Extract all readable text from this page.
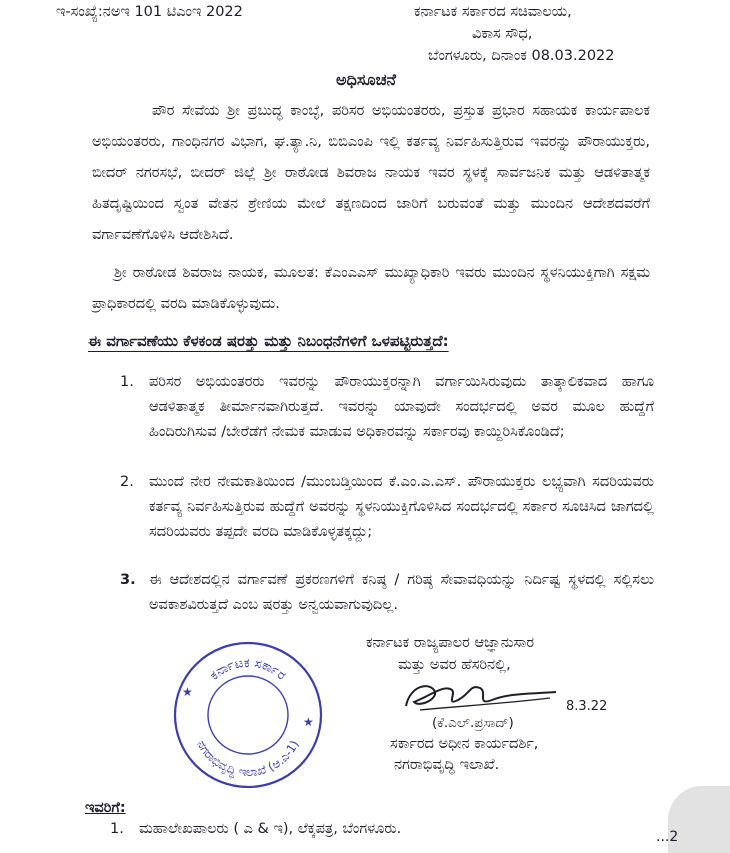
ಇ-ಸಂಖ್ಯೆ:ನಅಇ 101 ಟಿಎಂಇ 2022	ಕರ್ನಾಟಕ ಸರ್ಕಾರದ ಸಚಿವಾಲಯ,
ವಿಕಾಸ ಸೌಧ,
ಬೆಂಗಳೂರು, ದಿನಾಂಕ 08.03.2022
ಅಧಿಸೂಚನೆ
ಪೌರ ಸೇವೆಯ ಶ್ರೀ ಪ್ರಬುದ್ಧ ಕಾಂಬ್ಳೆ, ಪರಿಸರ ಅಭಿಯಂತರರು, ಪ್ರಸ್ತುತ ಪ್ರಭಾರ ಸಹಾಯಕ ಕಾರ್ಯಪಾಲಕ ಅಭಿಯಂತರರು, ಗಾಂಧಿನಗರ ವಿಭಾಗ, ಘ.ತ್ಯಾ.ನಿ, ಬಿಬಿಎಂಪಿ ಇಲ್ಲಿ ಕರ್ತವ್ಯ ನಿರ್ವಹಿಸುತ್ತಿರುವ ಇವರನ್ನು ಪೌರಾಯುಕ್ತರು, ಬೀದರ್ ನಗರಸಭೆ, ಬೀದರ್ ಜಿಲ್ಲೆ ಶ್ರೀ ರಾಠೋಡ ಶಿವರಾಜ ನಾಯಕ ಇವರ ಸ್ಥಳಕ್ಕೆ ಸಾರ್ವಜನಿಕ ಮತ್ತು ಆಡಳಿತಾತ್ಮಕ ಹಿತದೃಷ್ಟಿಯಿಂದ ಸ್ವಂತ ವೇತನ ಶ್ರೇಣಿಯ ಮೇಲೆ ತಕ್ಷಣದಿಂದ ಜಾರಿಗೆ ಬರುವಂತೆ ಮತ್ತು ಮುಂದಿನ ಆದೇಶದವರೆಗೆ ವರ್ಗಾವಣೆಗೊಳಿಸಿ ಆದೇಶಿಸಿದೆ.
ಶ್ರೀ ರಾಠೋಡ ಶಿವರಾಜ ನಾಯಕ, ಮೂಲತ: ಕೆಎಂಎಎಸ್ ಮುಖ್ಯಾಧಿಕಾರಿ ಇವರು ಮುಂದಿನ ಸ್ಥಳನಿಯುಕ್ತಿಗಾಗಿ ಸಕ್ಷಮ ಪ್ರಾಧಿಕಾರದಲ್ಲಿ ವರದಿ ಮಾಡಿಕೊಳ್ಳುವುದು.
ಈ ವರ್ಗಾವಣೆಯು ಕೆಳಕಂಡ ಷರತ್ತು ಮತ್ತು ನಿಬಂಧನೆಗಳಿಗೆ ಒಳಪಟ್ಟಿರುತ್ತದೆ:
1. ಪರಿಸರ ಅಭಿಯಂತರರು ಇವರನ್ನು ಪೌರಾಯುಕ್ತರನ್ನಾಗಿ ವರ್ಗಾಯಿಸಿರುವುದು ತಾತ್ಕಾಲಿಕವಾದ ಹಾಗೂ ಆಡಳಿತಾತ್ಮಕ ತೀರ್ಮಾನವಾಗಿರುತ್ತದೆ. ಇವರನ್ನು ಯಾವುದೇ ಸಂದರ್ಭದಲ್ಲಿ ಅವರ ಮೂಲ ಹುದ್ದೆಗೆ ಹಿಂದಿರುಗಿಸುವ /ಬೇರೆಡೆಗೆ ನೇಮಕ ಮಾಡುವ ಅಧಿಕಾರವನ್ನು ಸರ್ಕಾರವು ಕಾಯ್ದಿರಿಸಿಕೊಂಡಿದೆ;
2. ಮುಂದೆ ನೇರ ನೇಮಕಾತಿಯಿಂದ /ಮುಂಬಡ್ತಿಯಿಂದ ಕೆ.ಎಂ.ಎ.ಎಸ್. ಪೌರಾಯುಕ್ತರು ಲಭ್ಯವಾಗಿ ಸದರಿಯವರು ಕರ್ತವ್ಯ ನಿರ್ವಹಿಸುತ್ತಿರುವ ಹುದ್ದೆಗೆ ಅವರನ್ನು ಸ್ಥಳನಿಯುಕ್ತಿಗೊಳಿಸಿದ ಸಂದರ್ಭದಲ್ಲಿ ಸರ್ಕಾರ ಸೂಚಿಸಿದ ಜಾಗದಲ್ಲಿ ಸದರಿಯವರು ತಪ್ಪದೇ ವರದಿ ಮಾಡಿಕೊಳ್ಳತಕ್ಕದ್ದು;
3. ಈ ಆದೇಶದಲ್ಲಿನ ವರ್ಗಾವಣೆ ಪ್ರಕರಣಗಳಿಗೆ ಕನಿಷ್ಠ / ಗರಿಷ್ಠ ಸೇವಾವಧಿಯನ್ನು ನಿರ್ದಿಷ್ಟ ಸ್ಥಳದಲ್ಲಿ ಸಲ್ಲಿಸಲು ಅವಕಾಶವಿರುತ್ತದೆ ಎಂಬ ಷರತ್ತು ಅನ್ವಯವಾಗುವುದಿಲ್ಲ.
ಕರ್ನಾಟಕ ಸರ್ಕಾರ
ನಗರಾಭಿವೃದ್ಧಿ ಇಲಾಖೆ (ಆ.ಎ-1)
★
★
ಕರ್ನಾಟಕ ರಾಜ್ಯಪಾಲರ ಆಜ್ಞಾನುಸಾರ
ಮತ್ತು ಅವರ ಹೆಸರಿನಲ್ಲಿ,
8.3.22
(ಕೆ.ಎಲ್.ಪ್ರಸಾದ್)
ಸರ್ಕಾರದ ಅಧೀನ ಕಾರ್ಯದರ್ಶಿ,
ನಗರಾಭಿವೃದ್ಧಿ ಇಲಾಖೆ.
ಇವರಿಗೆ:
1. ಮಹಾಲೇಖಪಾಲರು ( ಎ & ಇ), ಲೆಕ್ಕಪತ್ರ, ಬೆಂಗಳೂರು.	...2
